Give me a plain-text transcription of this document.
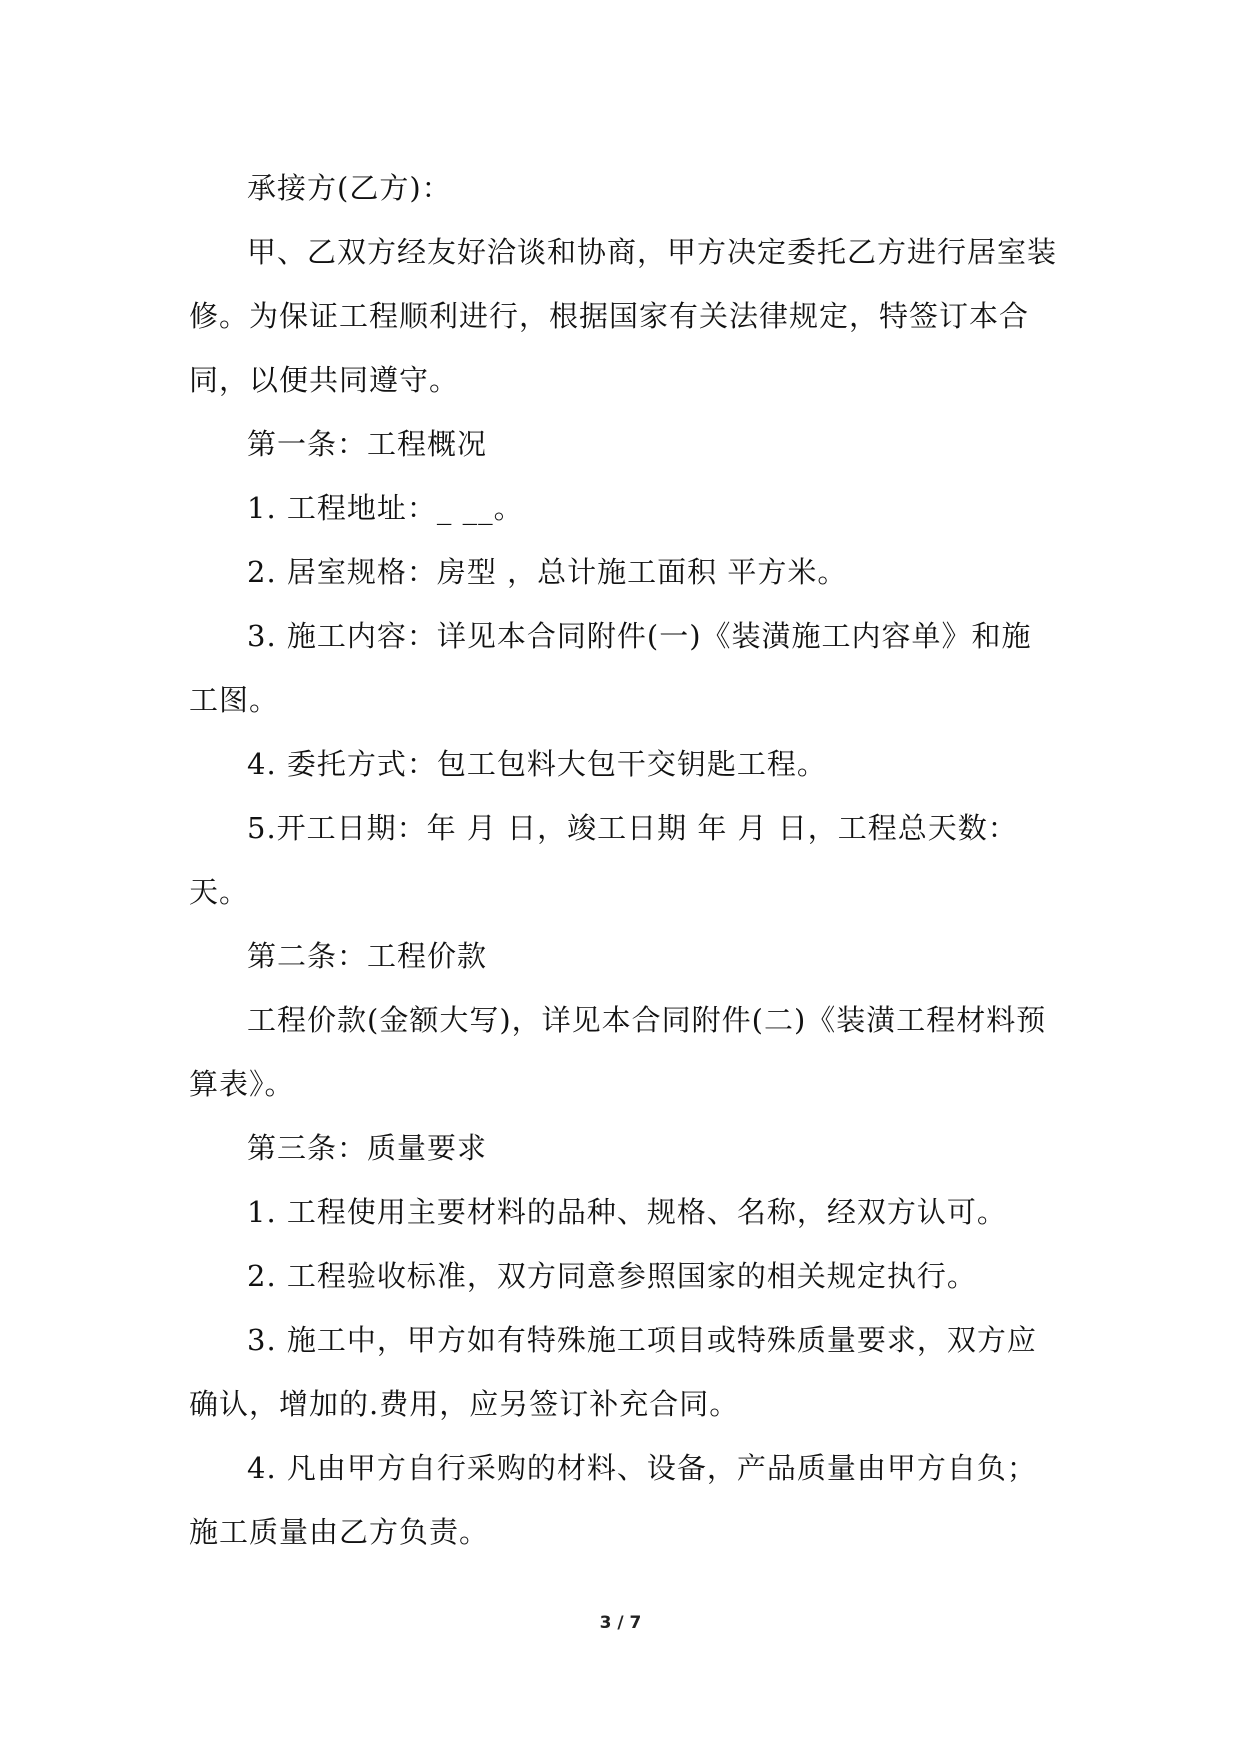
承接方(乙方)：

甲、乙双方经友好洽谈和协商，甲方决定委托乙方进行居室装修。为保证工程顺利进行，根据国家有关法律规定，特签订本合同，以便共同遵守。

第一条：工程概况

1. 工程地址：_ __。

2. 居室规格：房型 ，总计施工面积 平方米。

3. 施工内容：详见本合同附件(一)《装潢施工内容单》和施工图。

4. 委托方式：包工包料大包干交钥匙工程。

5.开工日期：年 月 日，竣工日期 年 月 日，工程总天数：天。

第二条：工程价款

工程价款(金额大写)，详见本合同附件(二)《装潢工程材料预算表》。

第三条：质量要求

1. 工程使用主要材料的品种、规格、名称，经双方认可。

2. 工程验收标准，双方同意参照国家的相关规定执行。

3. 施工中，甲方如有特殊施工项目或特殊质量要求，双方应确认，增加的.费用，应另签订补充合同。

4. 凡由甲方自行采购的材料、设备，产品质量由甲方自负；施工质量由乙方负责。

3 / 7
